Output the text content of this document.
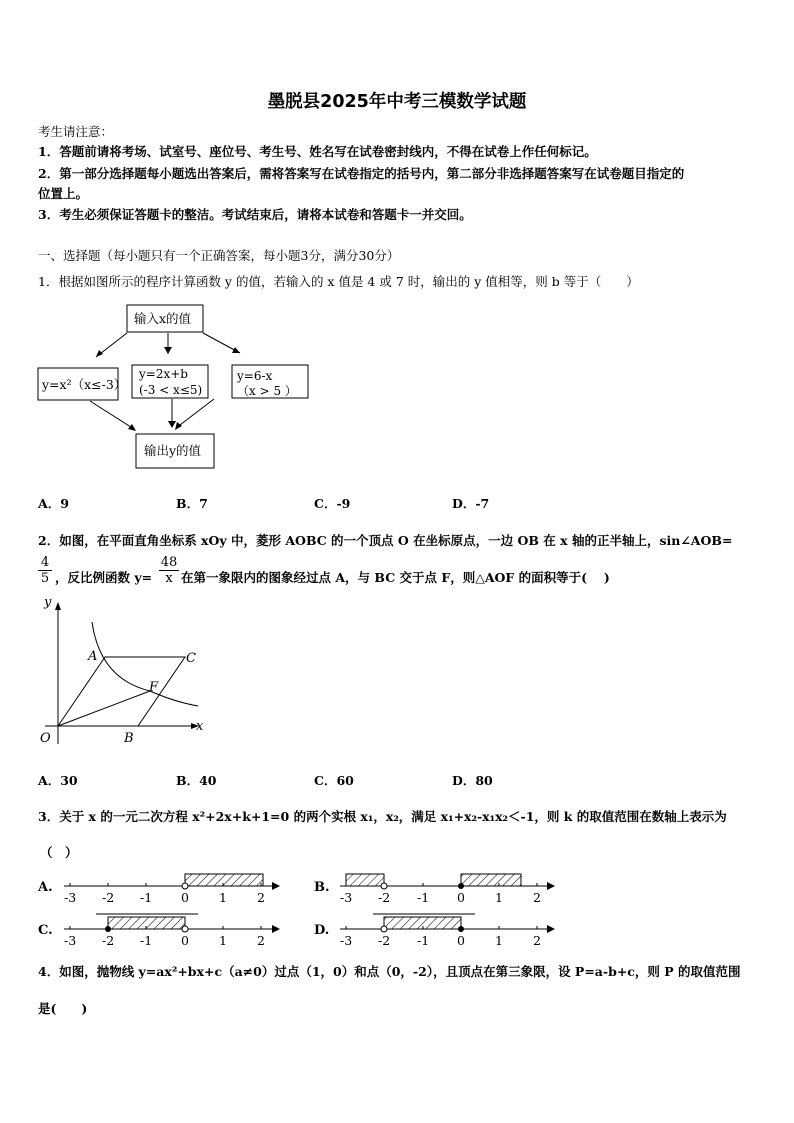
墨脱县2025年中考三模数学试题
考生请注意：
1．答题前请将考场、试室号、座位号、考生号、姓名写在试卷密封线内，不得在试卷上作任何标记。
2．第一部分选择题每小题选出答案后，需将答案写在试卷指定的括号内，第二部分非选择题答案写在试卷题目指定的
位置上。
3．考生必须保证答题卡的整洁。考试结束后，请将本试卷和答题卡一并交回。
一、选择题（每小题只有一个正确答案，每小题3分，满分30分）
1．根据如图所示的程序计算函数 y 的值，若输入的 x 值是 4 或 7 时，输出的 y 值相等，则 b 等于（　　）
输入x的值
y=x²（x≤-3）
y=2x+b
(-3 < x≤5)
y=6-x
（x > 5 ）
输出y的值
A．9	B．7	C．-9	D．-7
2．如图，在平面直角坐标系 xOy 中，菱形 AOBC 的一个顶点 O 在坐标原点，一边 OB 在 x 轴的正半轴上，sin∠AOB=
$\frac{4}{5}$ ，反比例函数 $y= \frac{48}{x}$ 在第一象限内的图象经过点 A，与 BC 交于点 F，则△AOF 的面积等于(　 )
y
x
O
A
B
C
F
A．30	B．40	C．60	D．80
3．关于 x 的一元二次方程 x²+2x+k+1=0 的两个实根 x₁，x₂，满足 x₁+x₂-x₁x₂＜-1，则 k 的取值范围在数轴上表示为
（　）
A.	B.
C.	D.
-3 -2 -1 0 1 2	-3 -2 -1 0 1 2
-3 -2 -1 0 1 2	-3 -2 -1 0 1 2
4．如图，抛物线 y=ax²+bx+c（a≠0）过点（1，0）和点（0，-2），且顶点在第三象限，设 P=a-b+c，则 P 的取值范围
是(　　)
